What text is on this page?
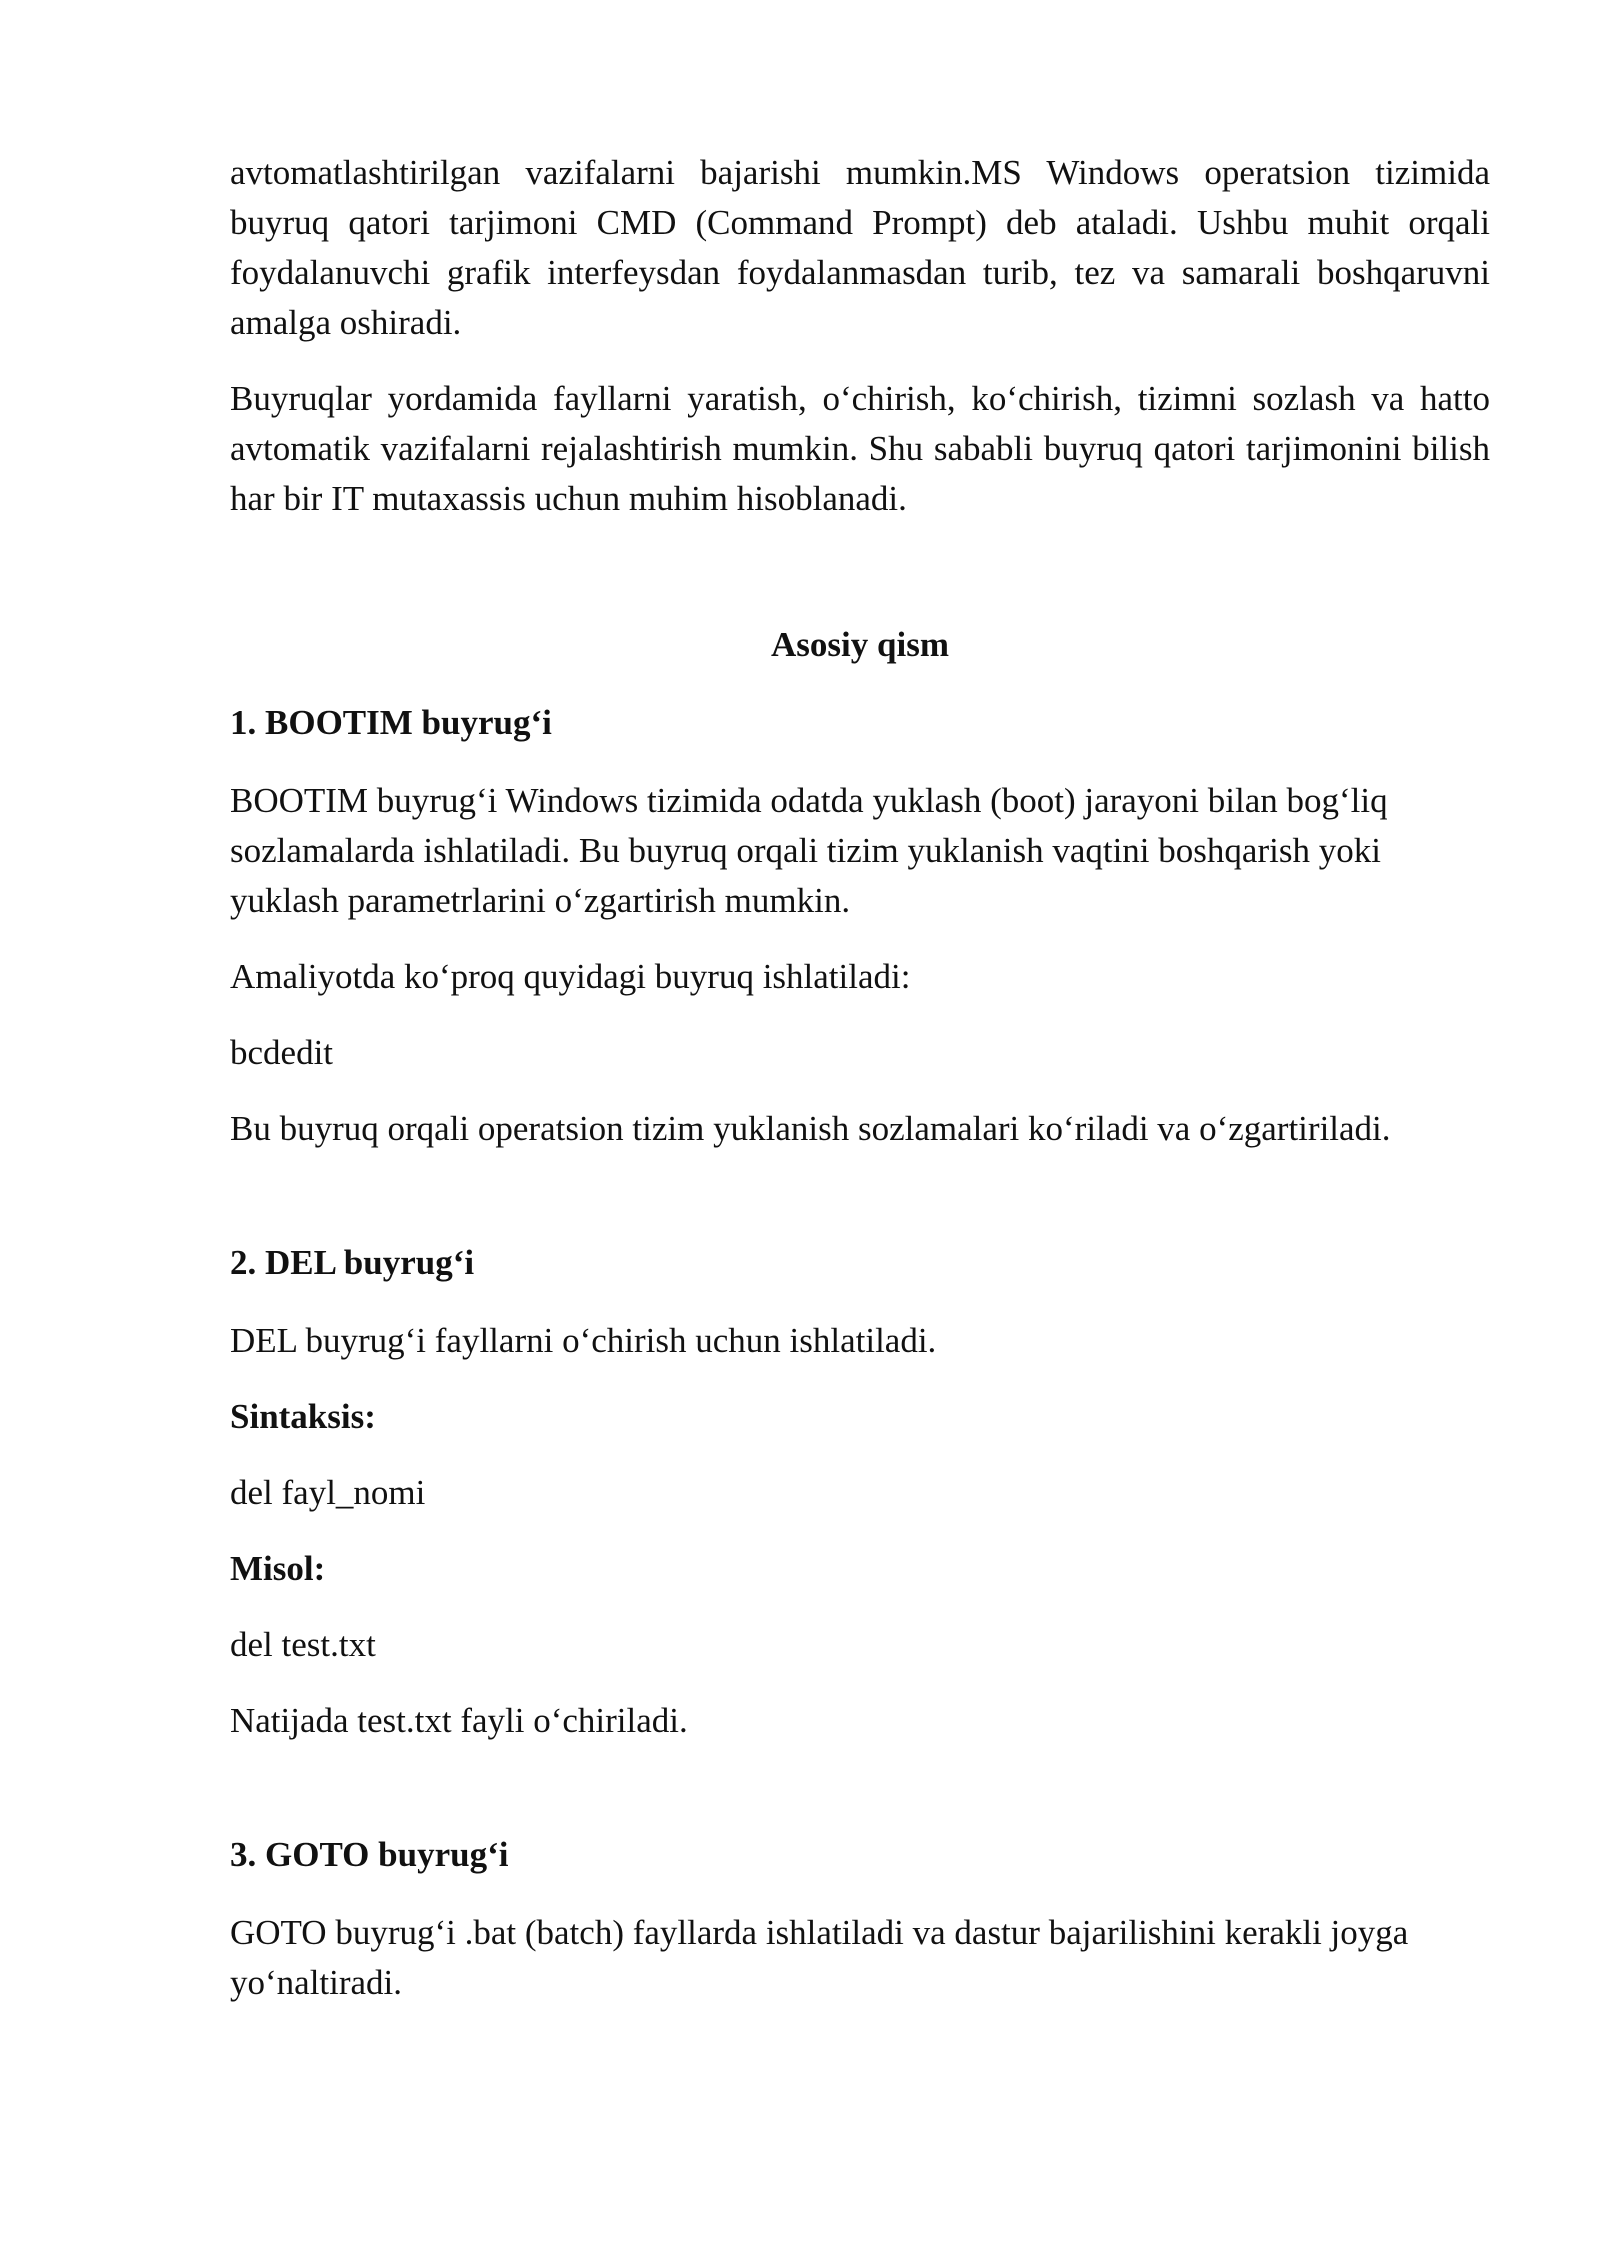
avtomatlashtirilgan vazifalarni bajarishi mumkin.MS Windows operatsion tizimida buyruq qatori tarjimoni CMD (Command Prompt) deb ataladi. Ushbu muhit orqali foydalanuvchi grafik interfeysdan foydalanmasdan turib, tez va samarali boshqaruvni amalga oshiradi.

Buyruqlar yordamida fayllarni yaratish, o‘chirish, ko‘chirish, tizimni sozlash va hatto avtomatik vazifalarni rejalashtirish mumkin. Shu sababli buyruq qatori tarjimonini bilish har bir IT mutaxassis uchun muhim hisoblanadi.

Asosiy qism
1. BOOTIM buyrug‘i

BOOTIM buyrug‘i Windows tizimida odatda yuklash (boot) jarayoni bilan bog‘liq sozlamalarda ishlatiladi. Bu buyruq orqali tizim yuklanish vaqtini boshqarish yoki yuklash parametrlarini o‘zgartirish mumkin.

Amaliyotda ko‘proq quyidagi buyruq ishlatiladi:

bcdedit

Bu buyruq orqali operatsion tizim yuklanish sozlamalari ko‘riladi va o‘zgartiriladi.

2. DEL buyrug‘i

DEL buyrug‘i fayllarni o‘chirish uchun ishlatiladi.

Sintaksis:

del fayl_nomi

Misol:

del test.txt

Natijada test.txt fayli o‘chiriladi.

3. GOTO buyrug‘i

GOTO buyrug‘i .bat (batch) fayllarda ishlatiladi va dastur bajarilishini kerakli joyga yo‘naltiradi.
